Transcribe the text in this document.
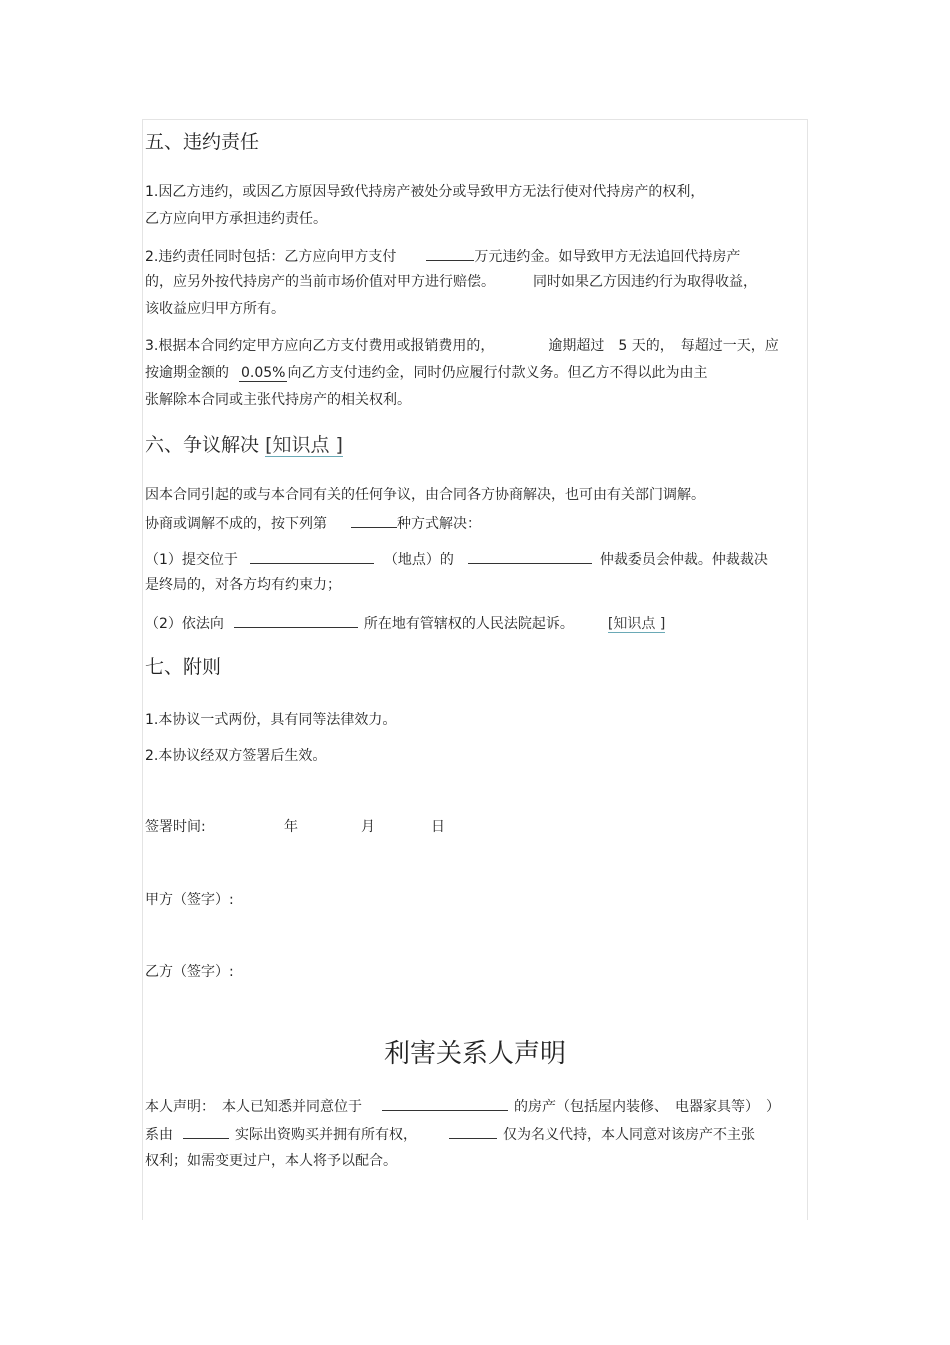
五、违约责任
1.因乙方违约，或因乙方原因导致代持房产被处分或导致甲方无法行使对代持房产的权利，
乙方应向甲方承担违约责任。
2.违约责任同时包括：乙方应向甲方支付	万元违约金。如导致甲方无法追回代持房产
的，应另外按代持房产的当前市场价值对甲方进行赔偿。	同时如果乙方因违约行为取得收益，
该收益应归甲方所有。
3.根据本合同约定甲方应向乙方支付费用或报销费用的，	逾期超过　5 天的，　每超过一天，应
按逾期金额的 0.05% 向乙方支付违约金，同时仍应履行付款义务。但乙方不得以此为由主
张解除本合同或主张代持房产的相关权利。
六、争议解决 [知识点 ]
因本合同引起的或与本合同有关的任何争议，由合同各方协商解决，也可由有关部门调解。
协商或调解不成的，按下列第	种方式解决：
（1）提交位于	（地点）的	仲裁委员会仲裁。仲裁裁决
是终局的，对各方均有约束力；
（2）依法向	所在地有管辖权的人民法院起诉。 [知识点 ]
七、附则
1.本协议一式两份，具有同等法律效力。
2.本协议经双方签署后生效。
签署时间:	年	月	日
甲方（签字）:
乙方（签字）:
利害关系人声明
本人声明：　本人已知悉并同意位于	的房产（包括屋内装修、　电器家具等）　）
系由	实际出资购买并拥有所有权，	仅为名义代持，本人同意对该房产不主张
权利；如需变更过户，本人将予以配合。
